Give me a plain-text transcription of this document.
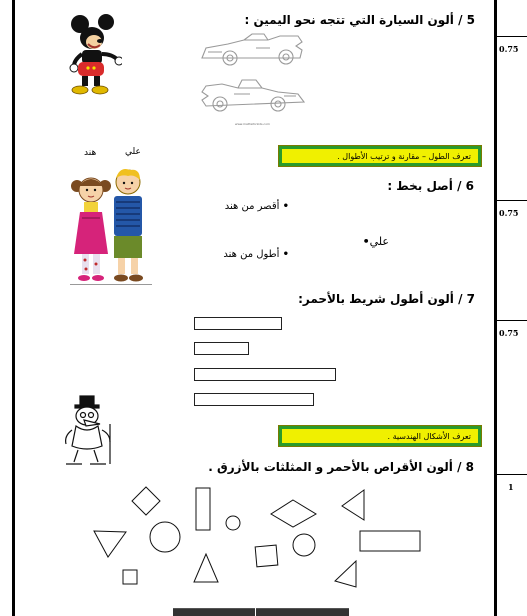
0.75
0.75
0.75
1
5 / ألون السيارة التي تتجه نحو اليمين :
www.mathsforkids.com
تعرف الطول – مقارنة و ترتيب الأطوال .
علي
هند
6 / أصل بخط :
• أقصر من هند
علي•
• أطول من هند
7 / ألون أطول شريط بالأحمر:
تعرف الأشكال الهندسية .
8 / ألون الأقراص بالأحمر و المثلثات بالأزرق .
